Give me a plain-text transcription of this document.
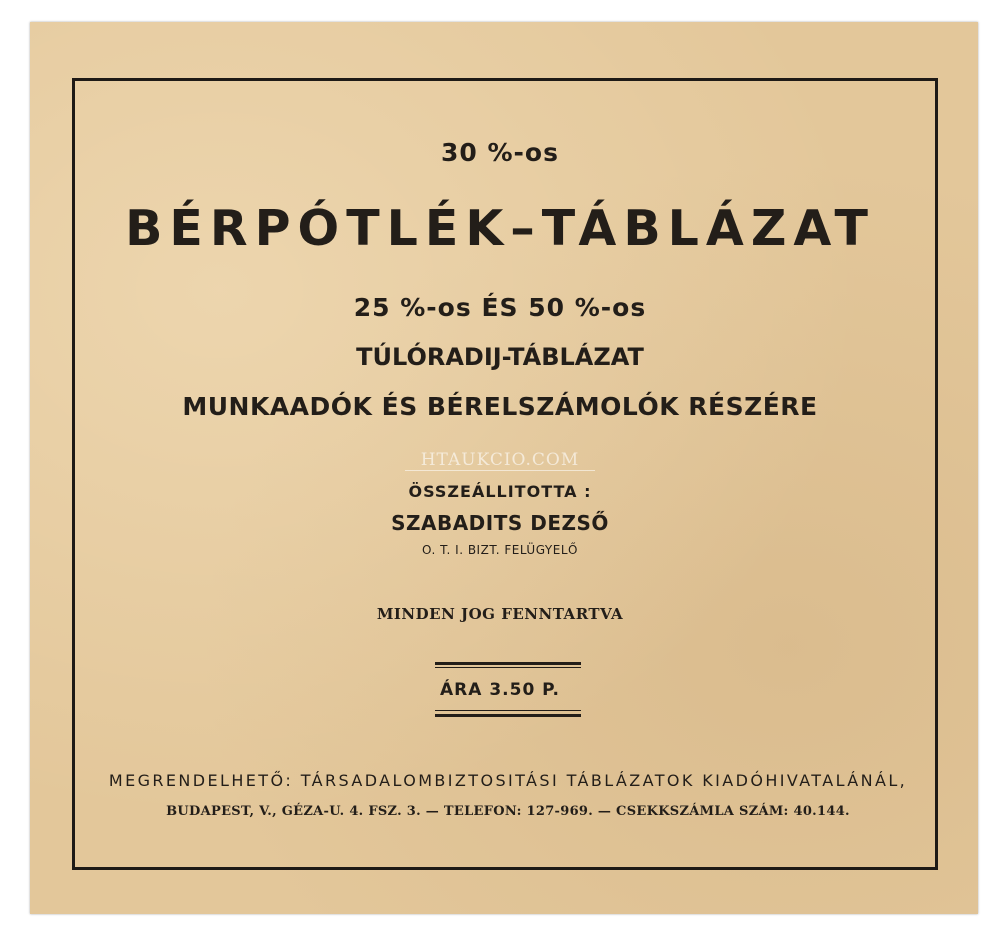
30 %-os
BÉRPÓTLÉK–TÁBLÁZAT
25 %-os ÉS 50 %-os
TÚLÓRADIJ-TÁBLÁZAT
MUNKAADÓK ÉS BÉRELSZÁMOLÓK RÉSZÉRE
HTAUKCIO.COM
ÖSSZEÁLLITOTTA :
SZABADITS DEZSŐ
O. T. I. BIZT. FELÜGYELŐ
MINDEN JOG FENNTARTVA
ÁRA 3.50 P.
MEGRENDELHETŐ: TÁRSADALOMBIZTOSITÁSI TÁBLÁZATOK KIADÓHIVATALÁNÁL,
BUDAPEST, V., GÉZA-U. 4. FSZ. 3. — TELEFON: 127-969. — CSEKKSZÁMLA SZÁM: 40.144.
